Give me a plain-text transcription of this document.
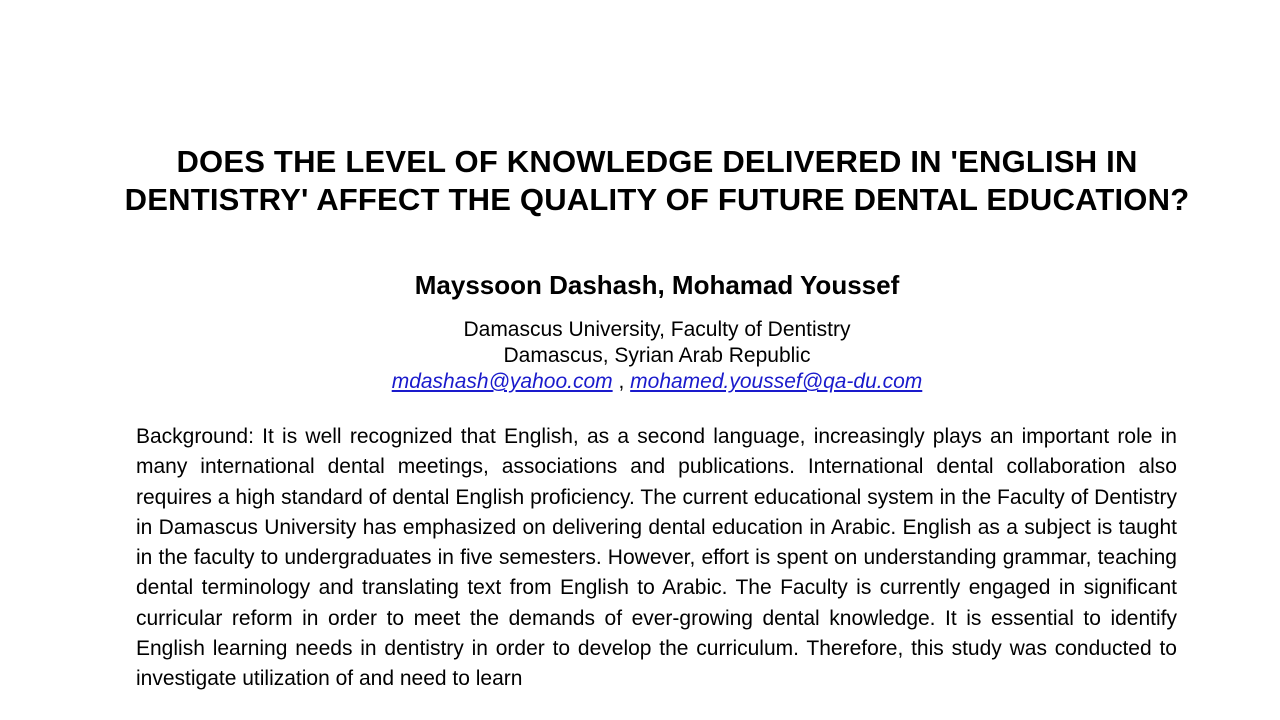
DOES THE LEVEL OF KNOWLEDGE DELIVERED IN 'ENGLISH IN DENTISTRY' AFFECT THE QUALITY OF FUTURE DENTAL EDUCATION?
Mayssoon Dashash, Mohamad Youssef
Damascus University, Faculty of Dentistry
Damascus, Syrian Arab Republic
mdashash@yahoo.com , mohamed.youssef@qa-du.com

Background: It is well recognized that English, as a second language, increasingly plays an important role in many international dental meetings, associations and publications. International dental collaboration also requires a high standard of dental English proficiency. The current educational system in the Faculty of Dentistry in Damascus University has emphasized on delivering dental education in Arabic. English as a subject is taught in the faculty to undergraduates in five semesters. However, effort is spent on understanding grammar, teaching dental terminology and translating text from English to Arabic. The Faculty is currently engaged in significant curricular reform in order to meet the demands of ever-growing dental knowledge. It is essential to identify English learning needs in dentistry in order to develop the curriculum. Therefore, this study was conducted to investigate utilization of and need to learn
